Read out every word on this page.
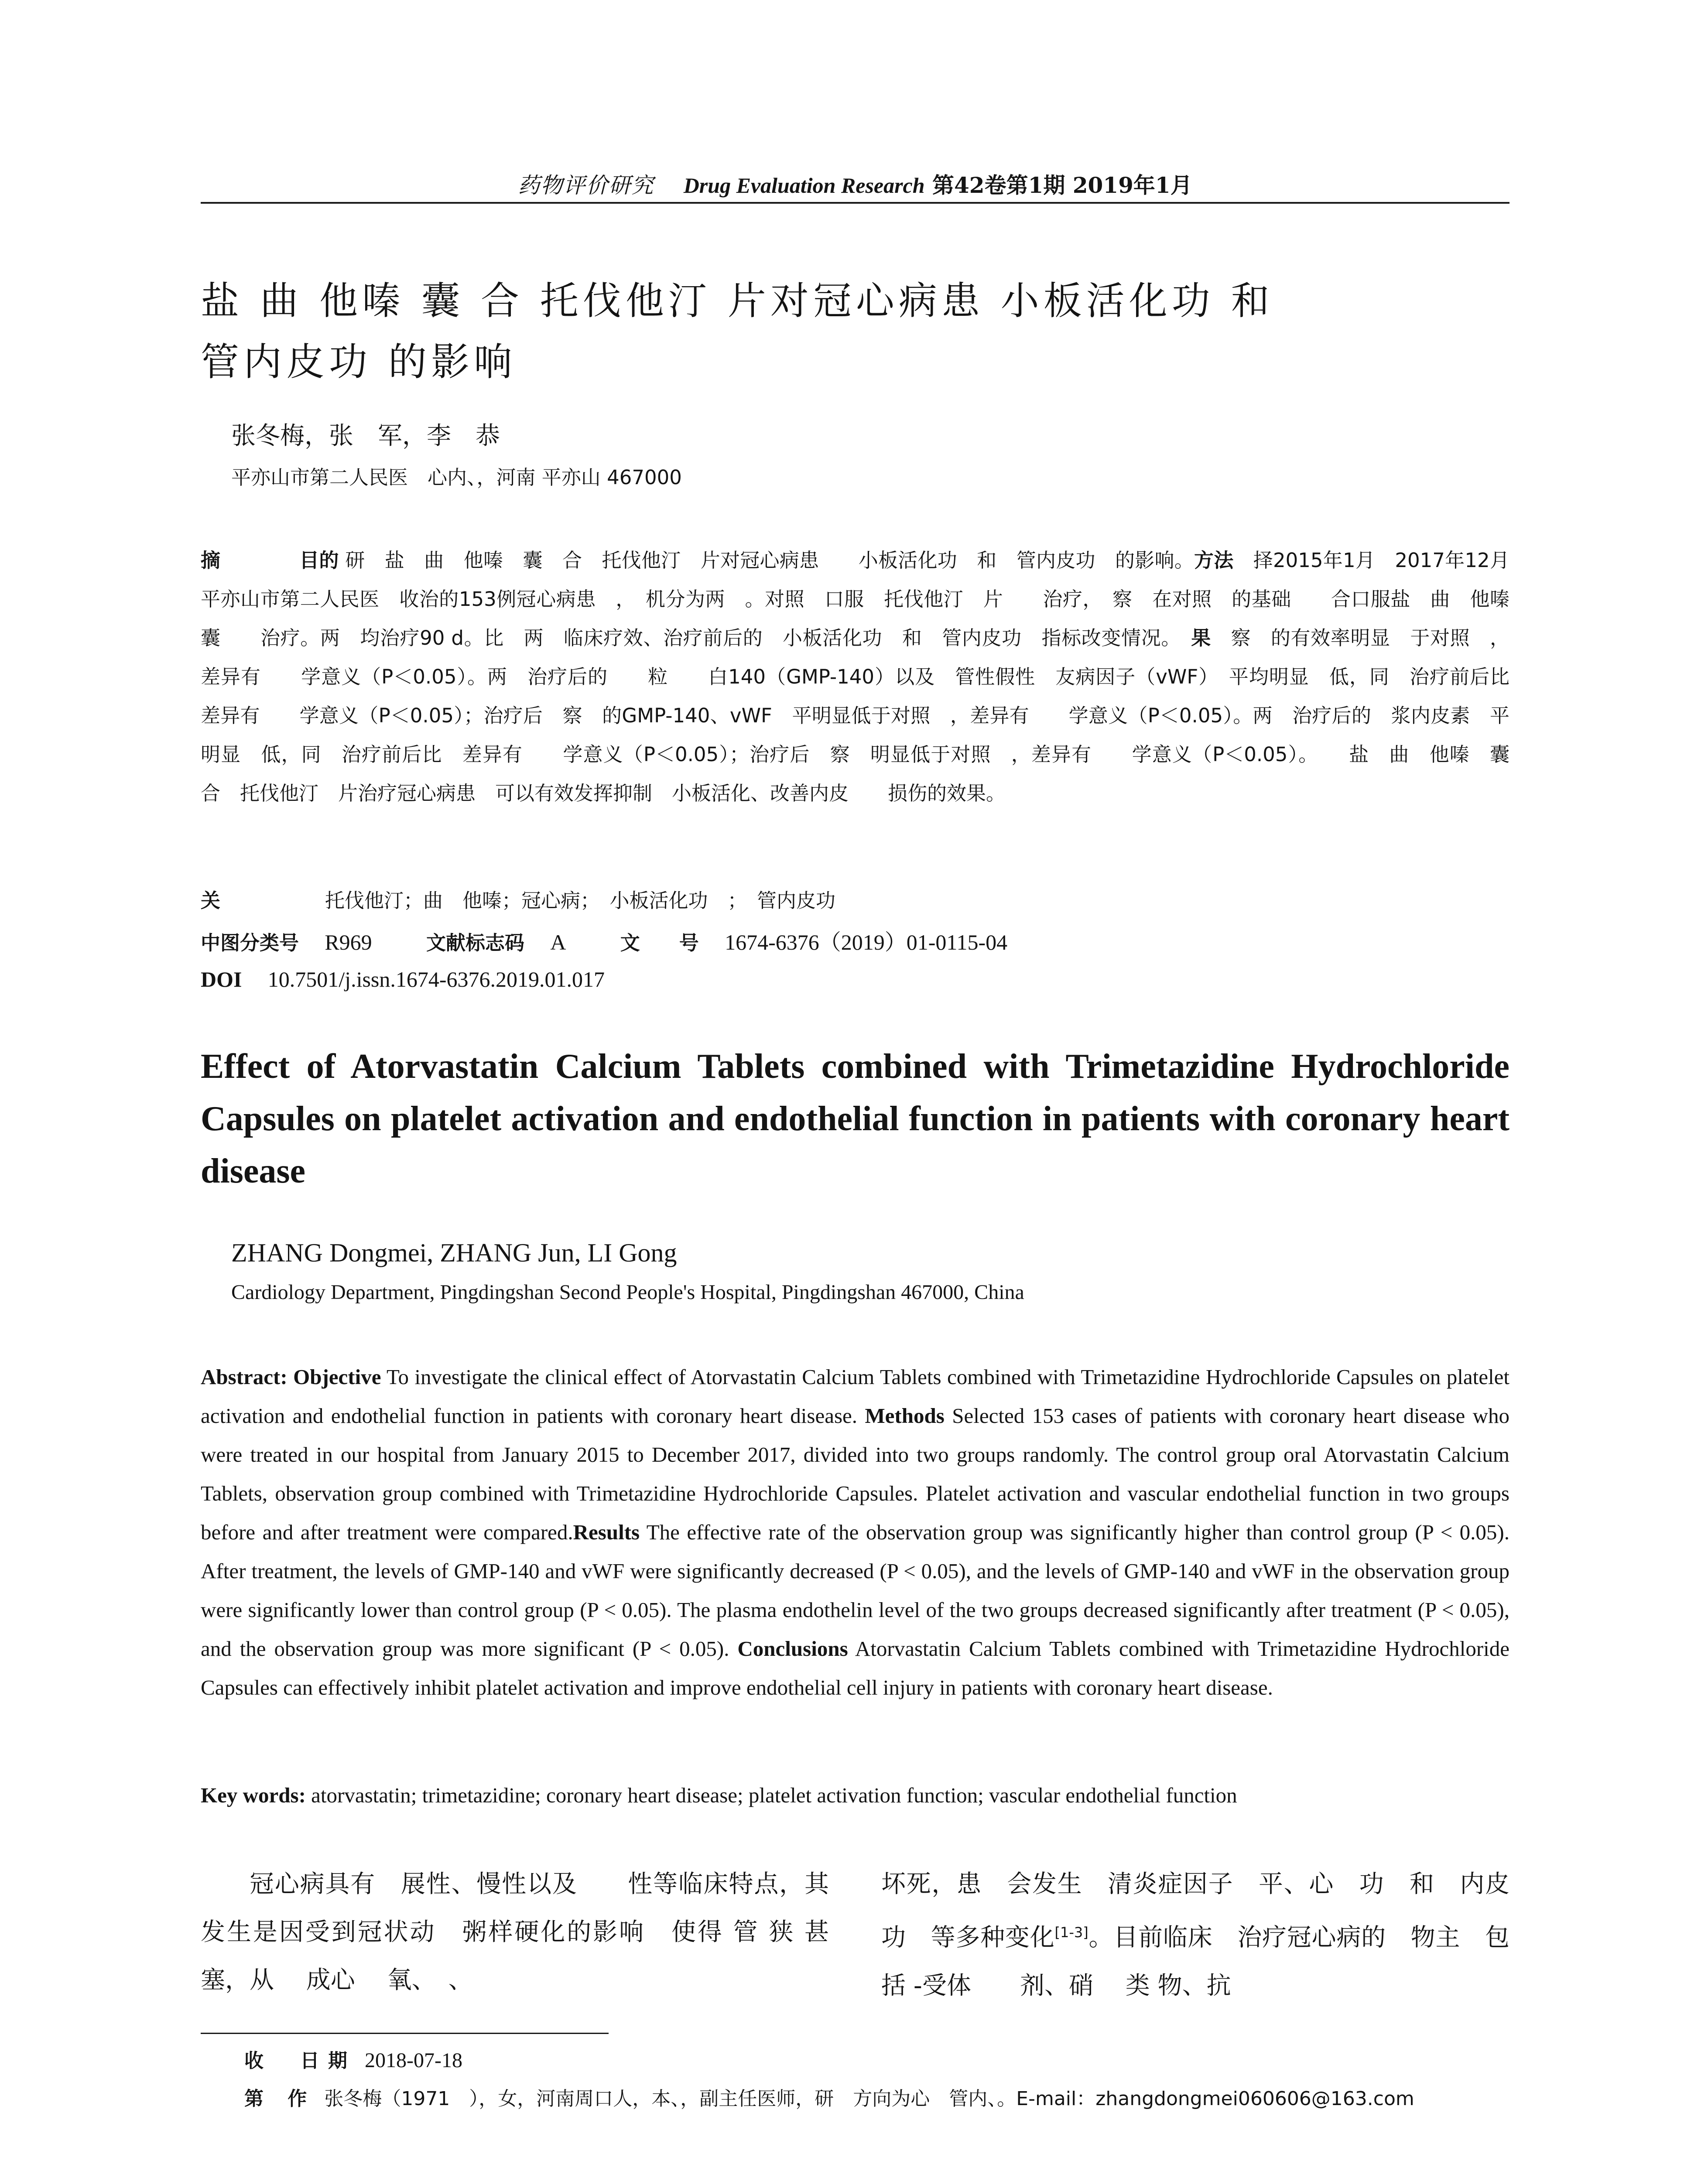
药物评价研究 Drug Evaluation Research 第42卷第1期 2019年1月
盐 曲 他嗪 囊 合 托伐他汀 片对冠心病患 小板活化功 和
管内皮功 的影响
张冬梅，张　军，李　恭
平亦山市第二人民医　心内、，河南 平亦山 467000
摘　　　　目的 研　盐　曲　他嗪　囊　合　托伐他汀　片对冠心病患　　小板活化功　和　管内皮功　的影响。方法　择2015年1月　2017年12月平亦山市第二人民医　收治的153例冠心病患　，　机分为两　。对照　口服　托伐他汀　片　　治疗，　察　在对照　的基础　　合口服盐　曲　他嗪　囊　　治疗。两　均治疗90 d。比　两　临床疗效、治疗前后的　小板活化功　和　管内皮功　指标改变情况。　果　察　的有效率明显　于对照　，差异有　　学意义（P＜0.05）。两　治疗后的　　粒　　白140（GMP-140）以及　管性假性　友病因子（vWF）　平均明显　低，同　治疗前后比　差异有　　学意义（P＜0.05）；治疗后　察　的GMP-140、vWF　平明显低于对照　，差异有　　学意义（P＜0.05）。两　治疗后的　浆内皮素　平明显　低，同　治疗前后比　差异有　　学意义（P＜0.05）；治疗后　察　明显低于对照　，差异有　　学意义（P＜0.05）。　　盐　曲　他嗪　囊　合　托伐他汀　片治疗冠心病患　可以有效发挥抑制　小板活化、改善内皮　　损伤的效果。
关	托伐他汀；曲　他嗪；冠心病；　小板活化功　；　管内皮功
中图分类号　 R969	文献标志码　 A	文　　号　 1674-6376（2019）01-0115-04
DOI　 10.7501/j.issn.1674-6376.2019.01.017
Effect of Atorvastatin Calcium Tablets combined with Trimetazidine Hydrochloride Capsules on platelet activation and endothelial function in patients with coronary heart disease
ZHANG Dongmei, ZHANG Jun, LI Gong
Cardiology Department, Pingdingshan Second People's Hospital, Pingdingshan 467000, China
Abstract: Objective To investigate the clinical effect of Atorvastatin Calcium Tablets combined with Trimetazidine Hydrochloride Capsules on platelet activation and endothelial function in patients with coronary heart disease. Methods Selected 153 cases of patients with coronary heart disease who were treated in our hospital from January 2015 to December 2017, divided into two groups randomly. The control group oral Atorvastatin Calcium Tablets, observation group combined with Trimetazidine Hydrochloride Capsules. Platelet activation and vascular endothelial function in two groups before and after treatment were compared.Results The effective rate of the observation group was significantly higher than control group (P < 0.05). After treatment, the levels of GMP-140 and vWF were significantly decreased (P < 0.05), and the levels of GMP-140 and vWF in the observation group were significantly lower than control group (P < 0.05). The plasma endothelin level of the two groups decreased significantly after treatment (P < 0.05), and the observation group was more significant (P < 0.05). Conclusions Atorvastatin Calcium Tablets combined with Trimetazidine Hydrochloride Capsules can effectively inhibit platelet activation and improve endothelial cell injury in patients with coronary heart disease.
Key words: atorvastatin; trimetazidine; coronary heart disease; platelet activation function; vascular endothelial function
冠心病具有　展性、慢性以及　　性等临床特点，其发生是因受到冠状动　粥样硬化的影响　使得 管 狭 甚　 塞，从　 成心　 氧、　、
坏死，患　会发生　清炎症因子　平、心　功　和　内皮功　等多种变化[1-3]。目前临床　治疗冠心病的　物主　包括 -受体　　剂、硝　 类 物、抗
收　日期 2018-07-18
第 作 张冬梅（1971　），女，河南周口人，本、，副主任医师，研　方向为心　管内、。E-mail：zhangdongmei060606@163.com
